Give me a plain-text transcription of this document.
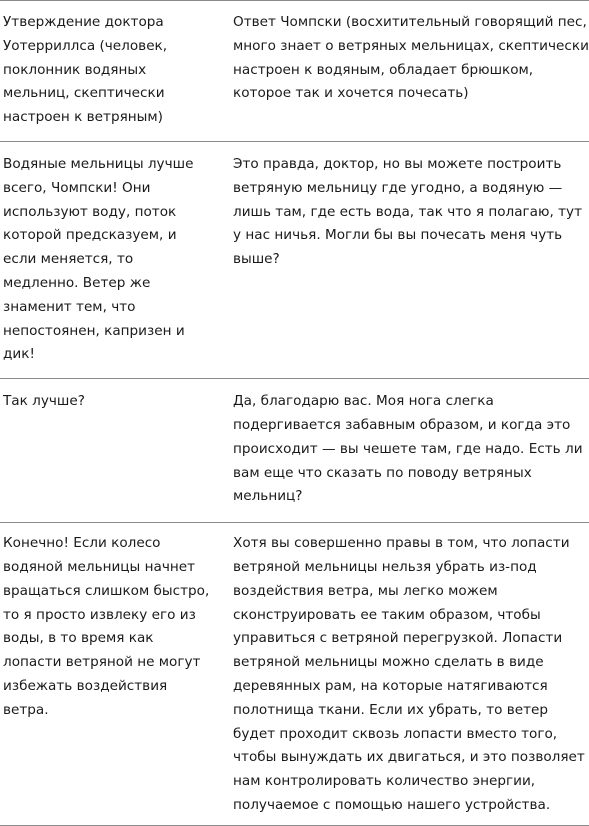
Утверждение доктора Уотерриллса (человек, поклонник водяных мельниц, скептически настроен к ветряным)	Ответ Чомпски (восхитительный говорящий пес, много знает о ветряных мельницах, скептически настроен к водяным, обладает брюшком, которое так и хочется почесать)
Водяные мельницы лучше всего, Чомпски! Они используют воду, поток которой предсказуем, и если меняется, то медленно. Ветер же знаменит тем, что непостоянен, капризен и дик!	Это правда, доктор, но вы можете построить ветряную мельницу где угодно, а водяную — лишь там, где есть вода, так что я полагаю, тут у нас ничья. Могли бы вы почесать меня чуть выше?
Так лучше?	Да, благодарю вас. Моя нога слегка подергивается забавным образом, и когда это происходит — вы чешете там, где надо. Есть ли вам еще что сказать по поводу ветряных мельниц?
Конечно! Если колесо водяной мельницы начнет вращаться слишком быстро, то я просто извлеку его из воды, в то время как лопасти ветряной не могут избежать воздействия ветра.	Хотя вы совершенно правы в том, что лопасти ветряной мельницы нельзя убрать из-под воздействия ветра, мы легко можем сконструировать ее таким образом, чтобы управиться с ветряной перегрузкой. Лопасти ветряной мельницы можно сделать в виде деревянных рам, на которые натягиваются полотнища ткани. Если их убрать, то ветер будет проходит сквозь лопасти вместо того, чтобы вынуждать их двигаться, и это позволяет нам контролировать количество энергии, получаемое с помощью нашего устройства.
